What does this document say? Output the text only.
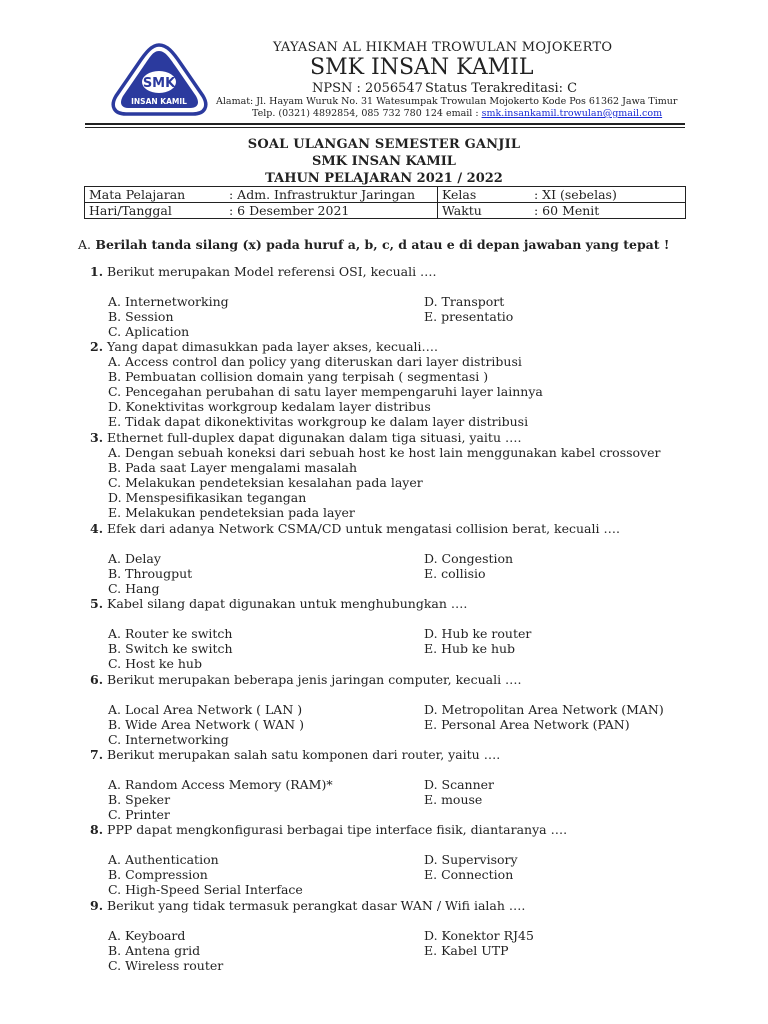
SMK
INSAN KAMIL
YAYASAN AL HIKMAH TROWULAN MOJOKERTO
SMK INSAN KAMIL
NPSN : 2056547 Status Terakreditasi: C
Alamat: Jl. Hayam Wuruk No. 31 Watesumpak Trowulan Mojokerto Kode Pos 61362 Jawa Timur
Telp. (0321) 4892854, 085 732 780 124 email : smk.insankamil.trowulan@gmail.com
SOAL ULANGAN SEMESTER GANJIL
SMK INSAN KAMIL
TAHUN PELAJARAN 2021 / 2022
Mata Pelajaran	: Adm. Infrastruktur Jaringan	Kelas	: XI (sebelas)
Hari/Tanggal	: 6 Desember 2021	Waktu	: 60 Menit
A. Berilah tanda silang (x) pada huruf a, b, c, d atau e di depan jawaban yang tepat !
1. Berikut merupakan Model referensi OSI, kecuali ….
A. Internetworking
B. Session
C. Aplication
D. Transport
E. presentatio
2. Yang dapat dimasukkan pada layer akses, kecuali….
A. Access control dan policy yang diteruskan dari layer distribusi
B. Pembuatan collision domain yang terpisah ( segmentasi )
C. Pencegahan perubahan di satu layer mempengaruhi layer lainnya
D. Konektivitas workgroup kedalam layer distribus
E. Tidak dapat dikonektivitas workgroup ke dalam layer distribusi
3. Ethernet full-duplex dapat digunakan dalam tiga situasi, yaitu ….
A. Dengan sebuah koneksi dari sebuah host ke host lain menggunakan kabel crossover
B. Pada saat Layer mengalami masalah
C. Melakukan pendeteksian kesalahan pada layer
D. Menspesifikasikan tegangan
E. Melakukan pendeteksian pada layer
4. Efek dari adanya Network CSMA/CD untuk mengatasi collision berat, kecuali ….
A. Delay
B. Througput
C. Hang
D. Congestion
E. collisio
5. Kabel silang dapat digunakan untuk menghubungkan ….
A. Router ke switch
B. Switch ke switch
C. Host ke hub
D. Hub ke router
E. Hub ke hub
6. Berikut merupakan beberapa jenis jaringan computer, kecuali ….
A. Local Area Network ( LAN )
B. Wide Area Network ( WAN )
C. Internetworking
D. Metropolitan Area Network (MAN)
E. Personal Area Network (PAN)
7. Berikut merupakan salah satu komponen dari router, yaitu ….
A. Random Access Memory (RAM)*
B. Speker
C. Printer
D. Scanner
E. mouse
8. PPP dapat mengkonfigurasi berbagai tipe interface fisik, diantaranya ….
A. Authentication
B. Compression
C. High-Speed Serial Interface
D. Supervisory
E. Connection
9. Berikut yang tidak termasuk perangkat dasar WAN / Wifi ialah ….
A. Keyboard
B. Antena grid
C. Wireless router
D. Konektor RJ45
E. Kabel UTP
